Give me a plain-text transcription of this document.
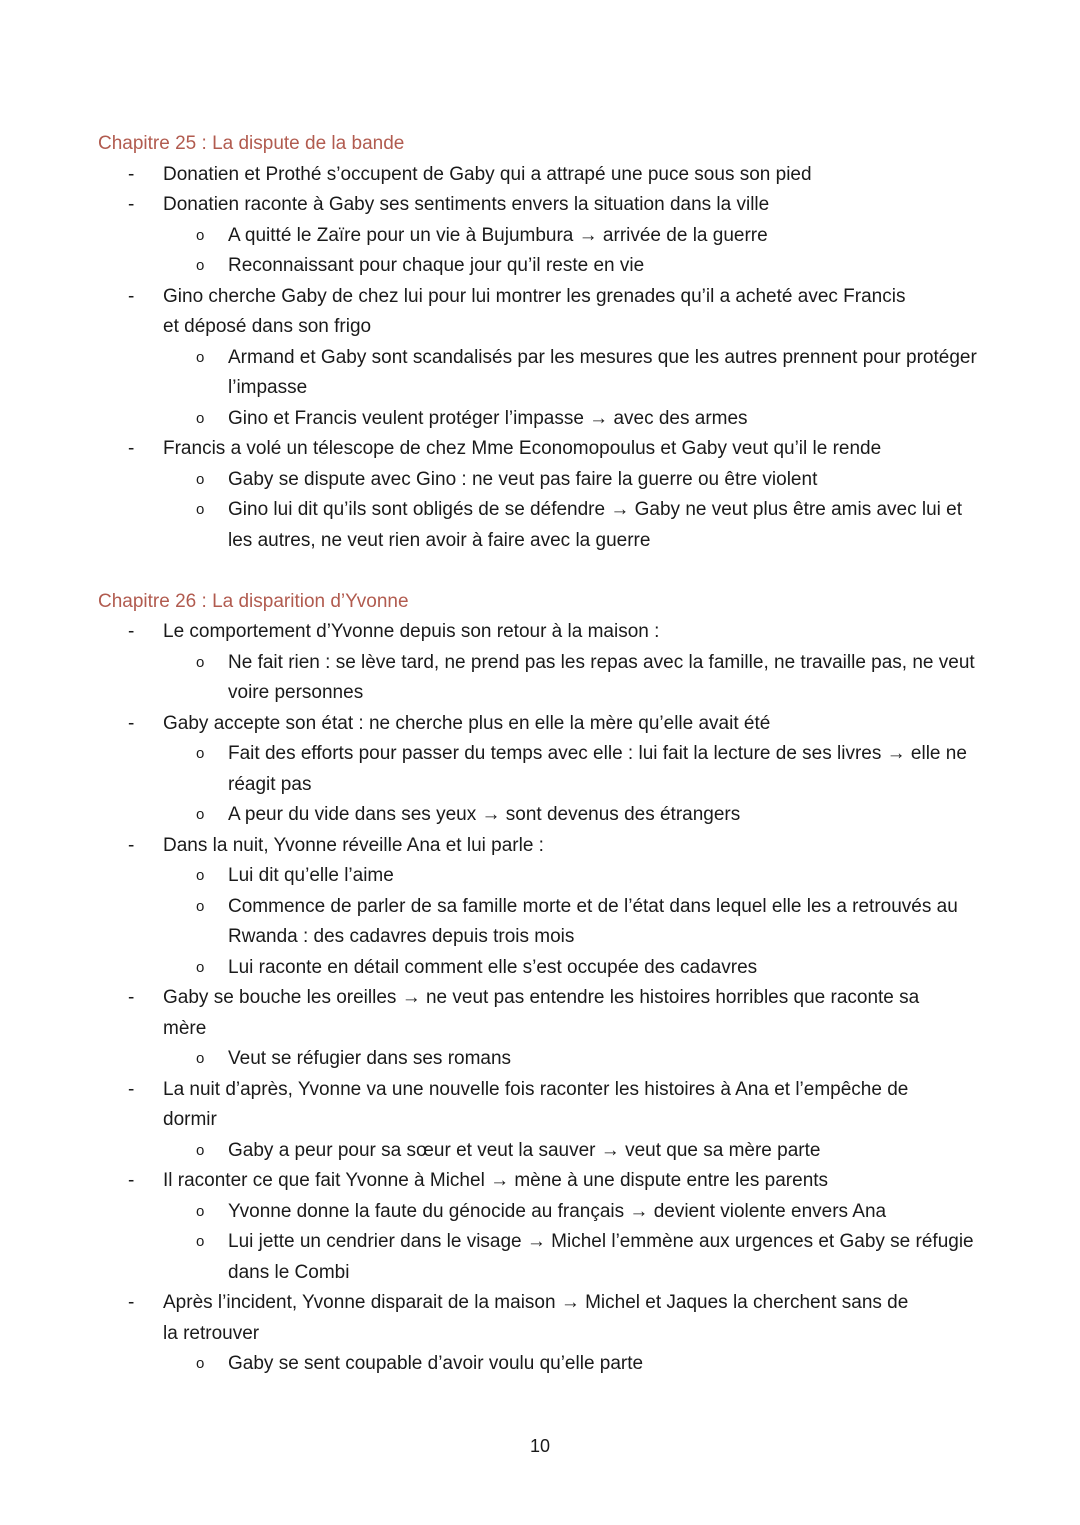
Chapitre 25 : La dispute de la bande
-	Donatien et Prothé s’occupent de Gaby qui a attrapé une puce sous son pied
-	Donatien raconte à Gaby ses sentiments envers la situation dans la ville
o A quitté le Zaïre pour un vie à Bujumbura → arrivée de la guerre
o Reconnaissant pour chaque jour qu’il reste en vie
-	Gino cherche Gaby de chez lui pour lui montrer les grenades qu’il a acheté avec Francis et déposé dans son frigo
o Armand et Gaby sont scandalisés par les mesures que les autres prennent pour protéger l’impasse
o Gino et Francis veulent protéger l’impasse → avec des armes
-	Francis a volé un télescope de chez Mme Economopoulus et Gaby veut qu’il le rende
o Gaby se dispute avec Gino : ne veut pas faire la guerre ou être violent
o Gino lui dit qu’ils sont obligés de se défendre → Gaby ne veut plus être amis avec lui et les autres, ne veut rien avoir à faire avec la guerre
Chapitre 26 : La disparition d’Yvonne
-	Le comportement d’Yvonne depuis son retour à la maison :
o Ne fait rien : se lève tard, ne prend pas les repas avec la famille, ne travaille pas, ne veut voire personnes
-	Gaby accepte son état : ne cherche plus en elle la mère qu’elle avait été
o Fait des efforts pour passer du temps avec elle : lui fait la lecture de ses livres → elle ne réagit pas
o A peur du vide dans ses yeux → sont devenus des étrangers
-	Dans la nuit, Yvonne réveille Ana et lui parle :
o Lui dit qu’elle l’aime
o Commence de parler de sa famille morte et de l’état dans lequel elle les a retrouvés au Rwanda : des cadavres depuis trois mois
o Lui raconte en détail comment elle s’est occupée des cadavres
-	Gaby se bouche les oreilles → ne veut pas entendre les histoires horribles que raconte sa mère
o Veut se réfugier dans ses romans
-	La nuit d’après, Yvonne va une nouvelle fois raconter les histoires à Ana et l’empêche de dormir
o Gaby a peur pour sa sœur et veut la sauver → veut que sa mère parte
-	Il raconter ce que fait Yvonne à Michel → mène à une dispute entre les parents
o Yvonne donne la faute du génocide au français → devient violente envers Ana
o Lui jette un cendrier dans le visage → Michel l’emmène aux urgences et Gaby se réfugie dans le Combi
-	Après l’incident, Yvonne disparait de la maison → Michel et Jaques la cherchent sans de la retrouver
o Gaby se sent coupable d’avoir voulu qu’elle parte
10
